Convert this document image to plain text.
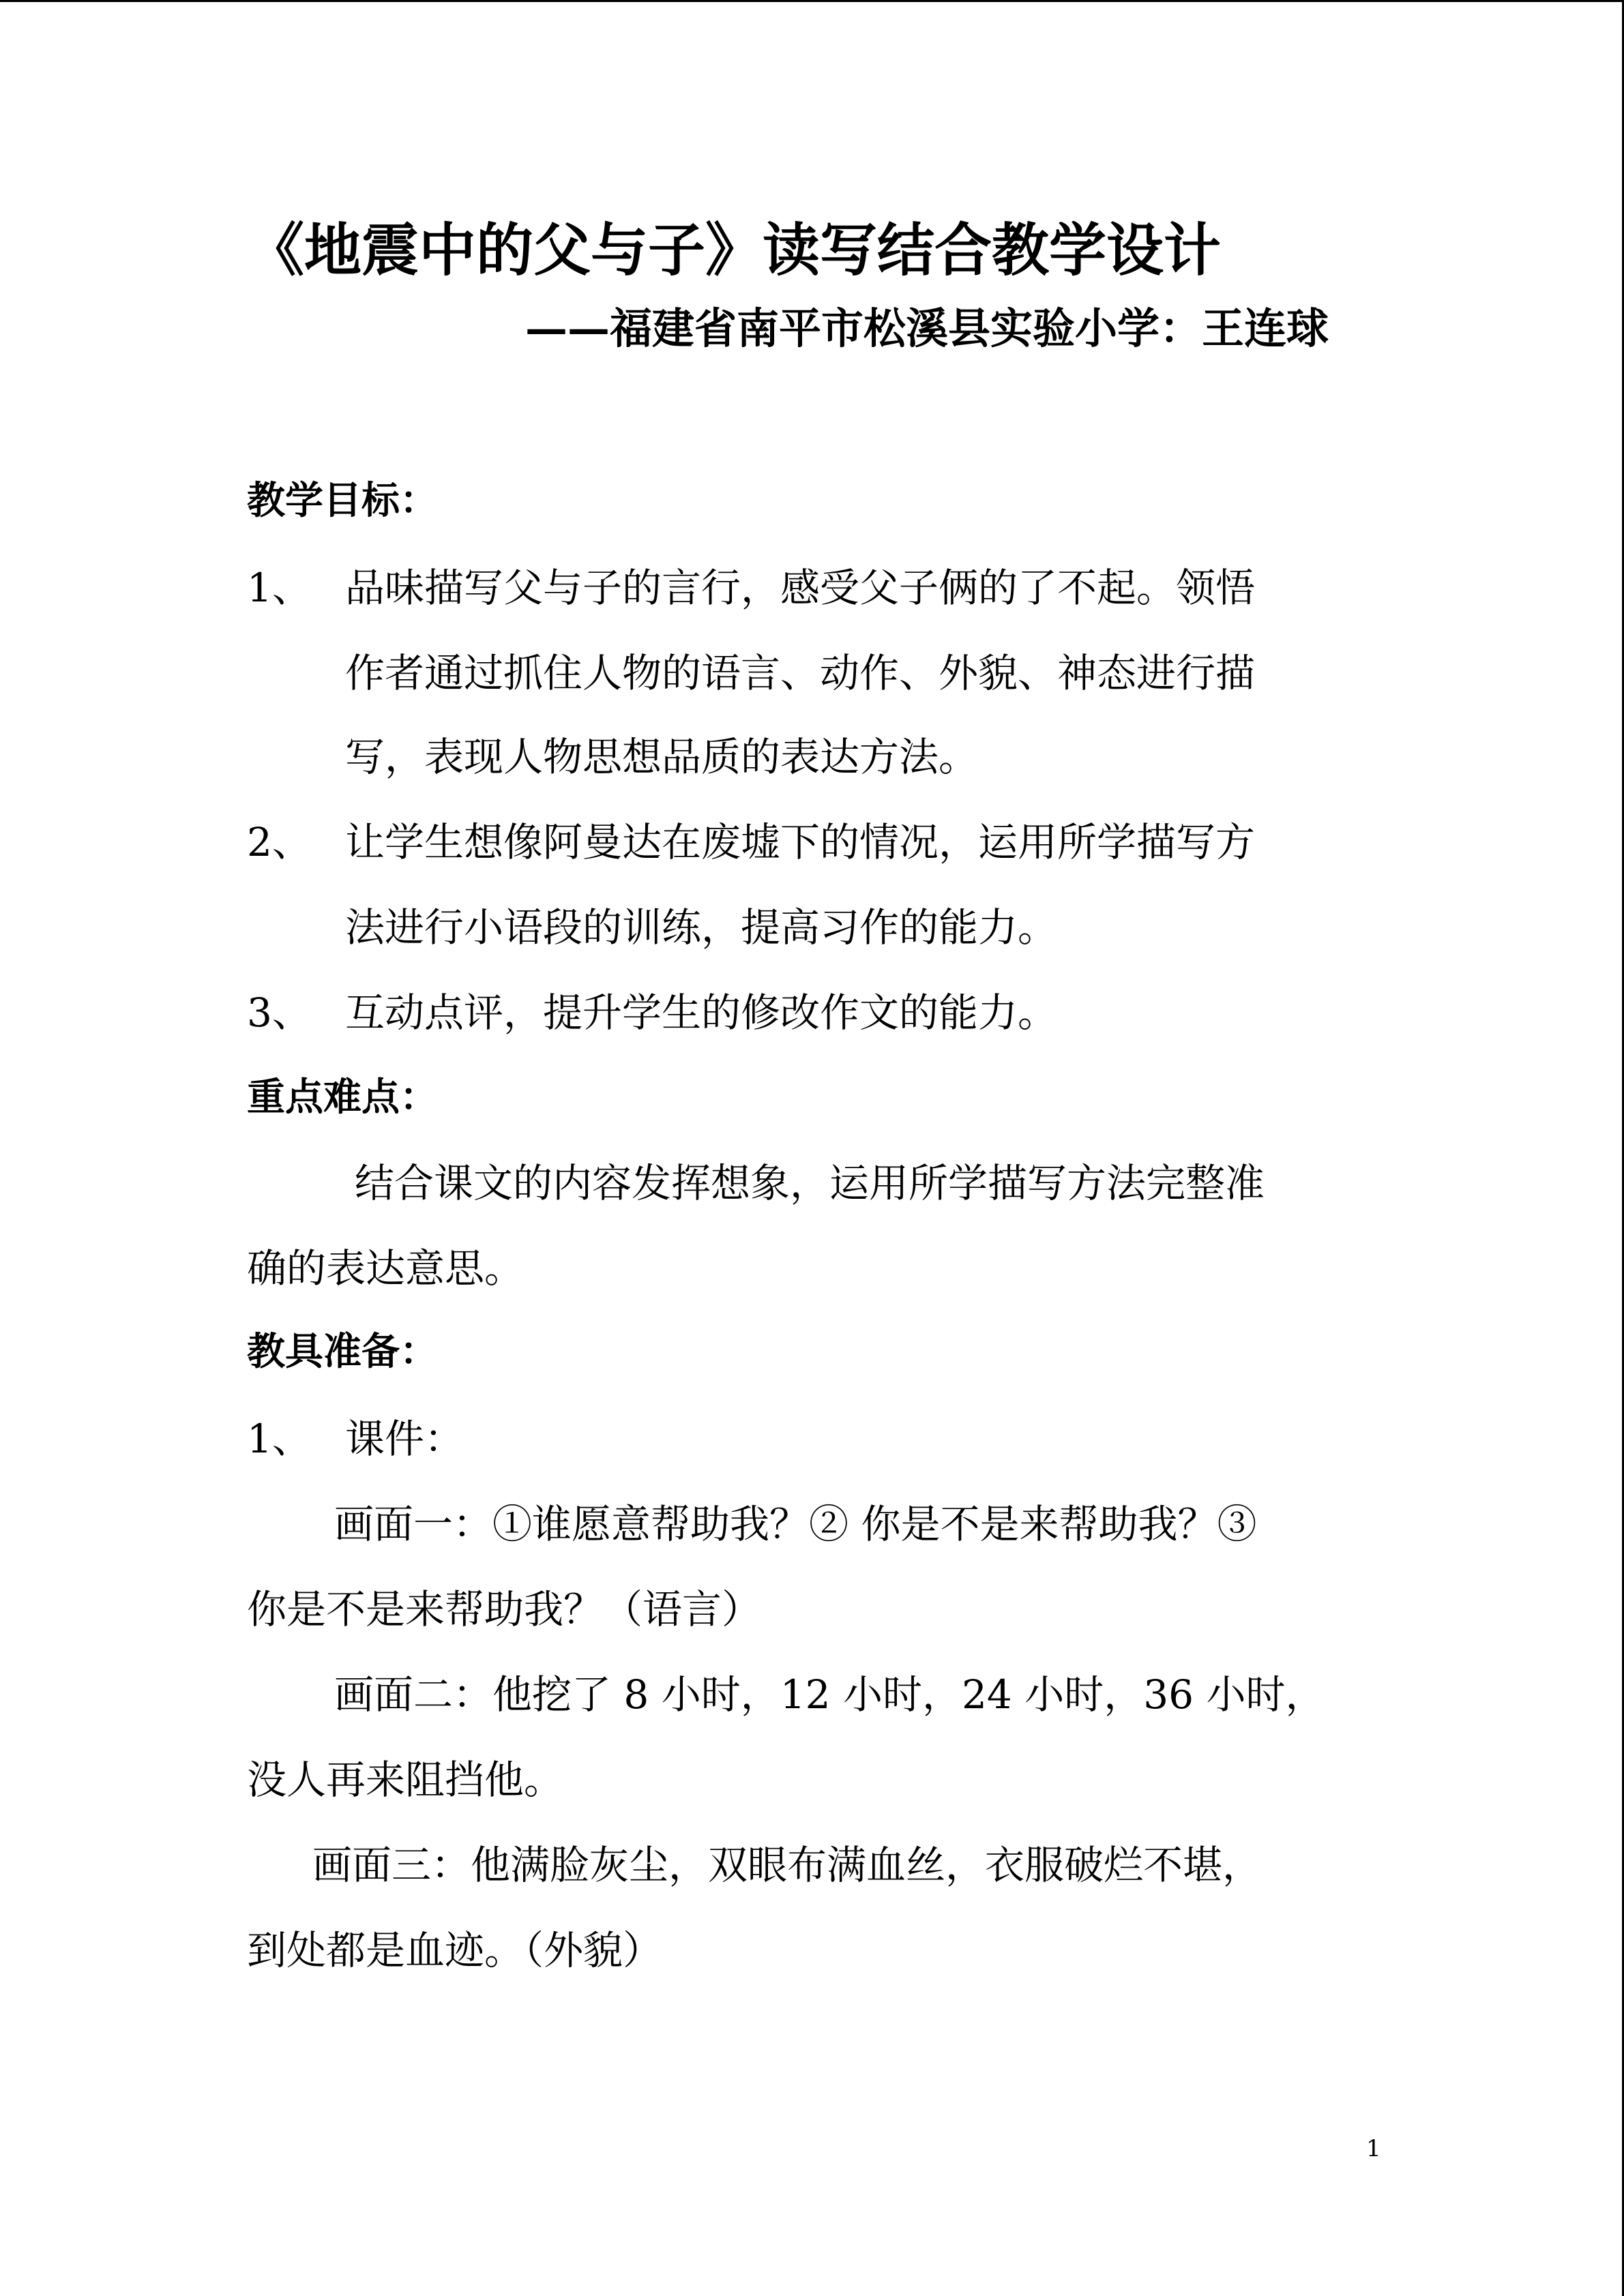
《地震中的父与子》读写结合教学设计
——福建省南平市松溪县实验小学：王连球
教学目标：
1、 品味描写父与子的言行，感受父子俩的了不起。领悟
作者通过抓住人物的语言、动作、外貌、神态进行描
写，表现人物思想品质的表达方法。
2、 让学生想像阿曼达在废墟下的情况，运用所学描写方
法进行小语段的训练，提高习作的能力。
3、 互动点评，提升学生的修改作文的能力。
重点难点：
结合课文的内容发挥想象，运用所学描写方法完整准
确的表达意思。
教具准备：
1、 课件：
画面一：①谁愿意帮助我？② 你是不是来帮助我？③
你是不是来帮助我？（语言）
画面二：他挖了 8 小时，12 小时，24 小时，36 小时，
没人再来阻挡他。
画面三：他满脸灰尘，双眼布满血丝，衣服破烂不堪，
到处都是血迹。（外貌）
1
